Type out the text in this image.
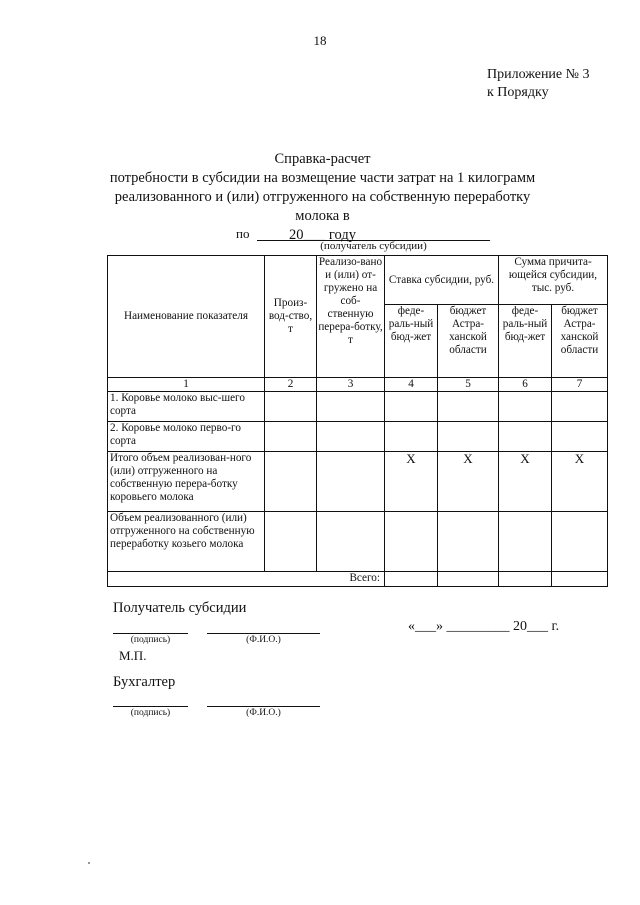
18
Приложение № 3
к Порядку
Справка-расчет
потребности в субсидии на возмещение части затрат на 1 килограмм
реализованного и (или) отгруженного на собственную переработку молока в
20___ году
по
(получатель субсидии)
Наименование показателя	Произ-вод-ство, т	Реализо-вано и (или) от-гружено на соб-ственную перера-ботку, т	Ставка субсидии, руб.		Сумма причита-ющейся субсидии, тыс. руб.	
			феде-раль-ный бюд-жет	бюджет Астра-ханской области	феде-раль-ный бюд-жет	бюджет Астра-ханской области
1	2	3	4	5	6	7
1. Коровье молоко выс-шего сорта						
2. Коровье молоко перво-го сорта						
Итого объем реализован-ного (или) отгруженного на собственную перера-ботку коровьего молока			X	X	X	X
Объем реализованного (или) отгруженного на собственную переработку козьего молока						
Всего:						
Получатель субсидии
(подпись)	(Ф.И.О.)
М.П.
«___» _________ 20___ г.
Бухгалтер
(подпись)	(Ф.И.О.)
